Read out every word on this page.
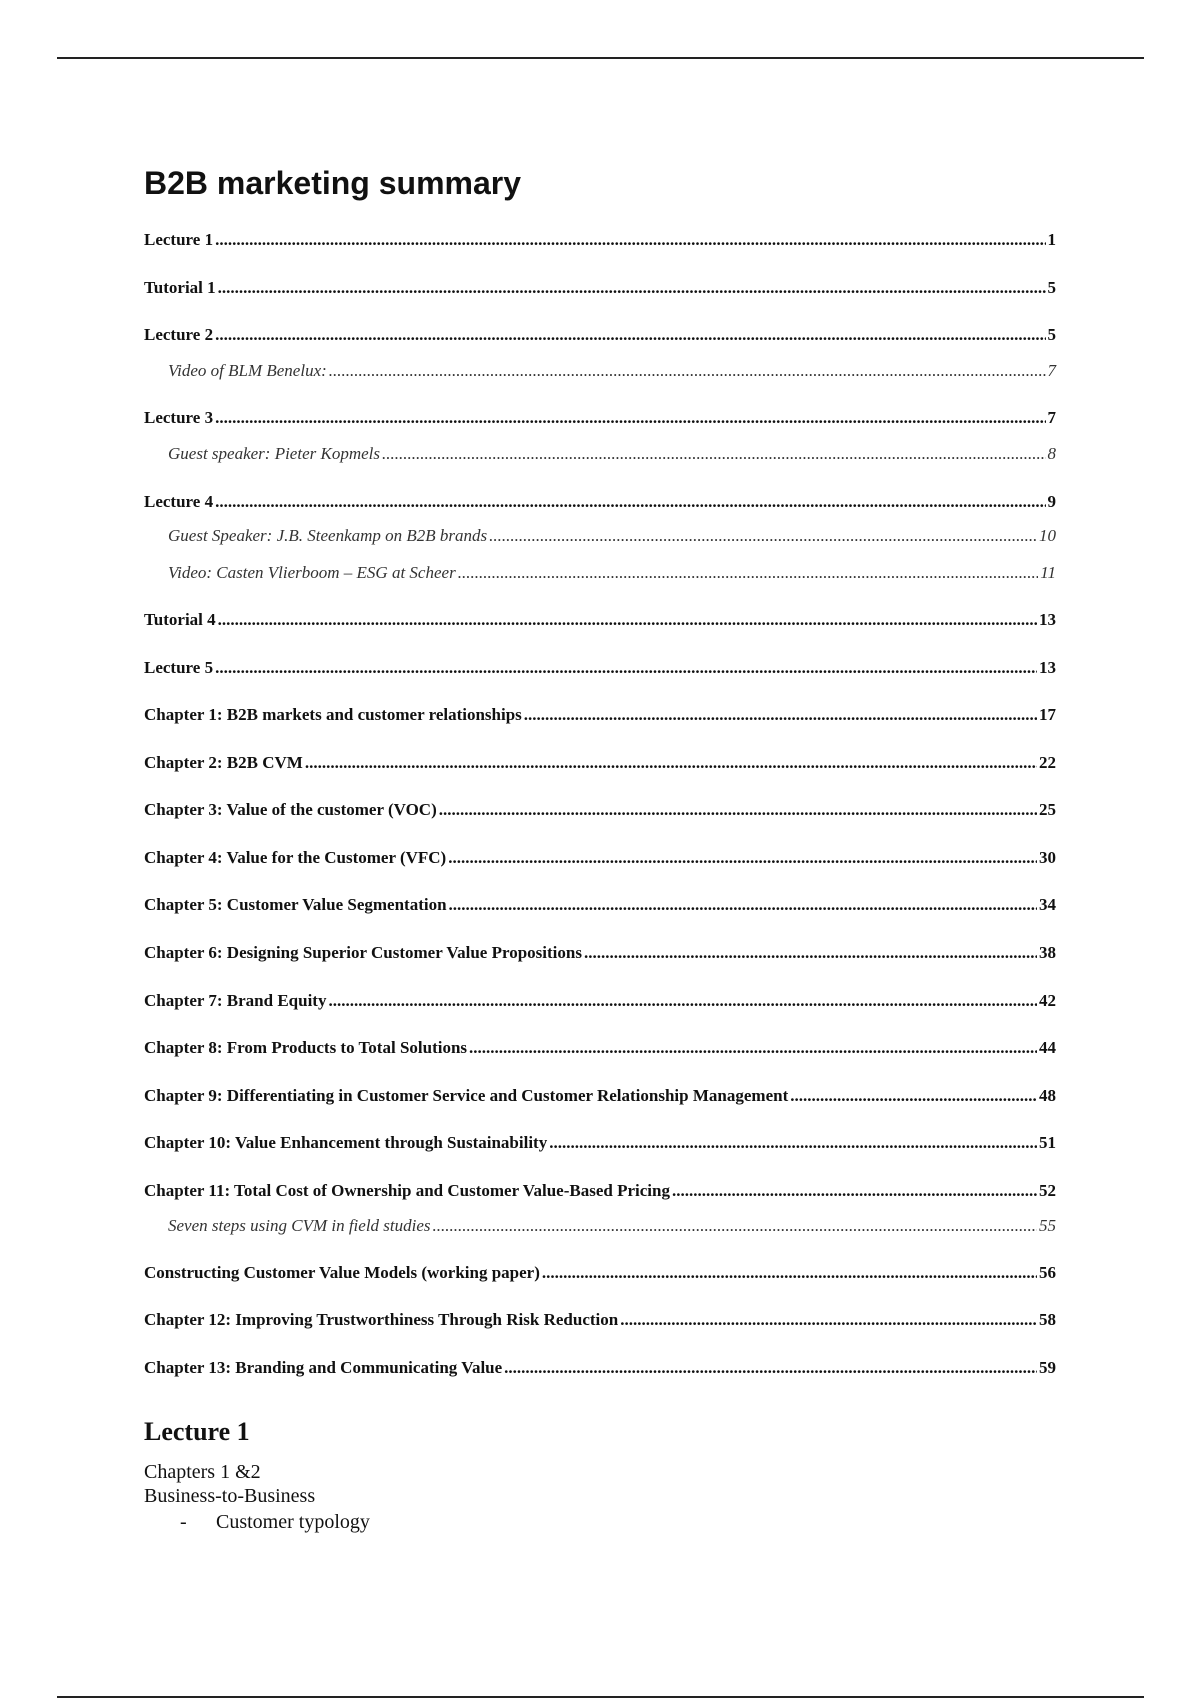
B2B marketing summary
Lecture 1 .....	1
Tutorial 1 .....	5
Lecture 2 .....	5
Video of BLM Benelux: .....	7
Lecture 3 .....	7
Guest speaker: Pieter Kopmels .....	8
Lecture 4 .....	9
Guest Speaker: J.B. Steenkamp on B2B brands .....	10
Video: Casten Vlierboom – ESG at Scheer .....	11
Tutorial 4 .....	13
Lecture 5 .....	13
Chapter 1: B2B markets and customer relationships .....	17
Chapter 2: B2B CVM .....	22
Chapter 3: Value of the customer (VOC) .....	25
Chapter 4: Value for the Customer (VFC) .....	30
Chapter 5: Customer Value Segmentation .....	34
Chapter 6: Designing Superior Customer Value Propositions .....	38
Chapter 7: Brand Equity .....	42
Chapter 8: From Products to Total Solutions .....	44
Chapter 9: Differentiating in Customer Service and Customer Relationship Management .....	48
Chapter 10: Value Enhancement through Sustainability .....	51
Chapter 11: Total Cost of Ownership and Customer Value-Based Pricing .....	52
Seven steps using CVM in field studies .....	55
Constructing Customer Value Models (working paper) .....	56
Chapter 12: Improving Trustworthiness Through Risk Reduction .....	58
Chapter 13: Branding and Communicating Value .....	59
Lecture 1
Chapters 1 &2
Business-to-Business
-	Customer typology
